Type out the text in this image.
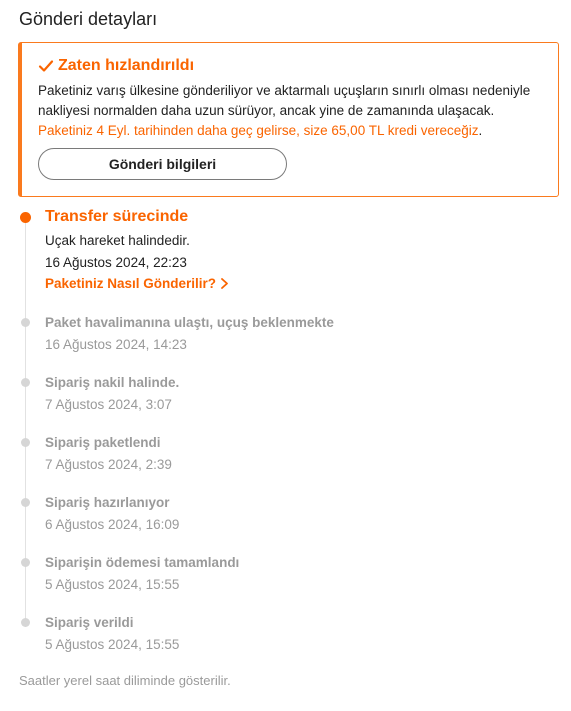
Gönderi detayları
Zaten hızlandırıldı
Paketiniz varış ülkesine gönderiliyor ve aktarmalı uçuşların sınırlı olması nedeniyle nakliyesi normalden daha uzun sürüyor, ancak yine de zamanında ulaşacak.
Paketiniz 4 Eyl. tarihinden daha geç gelirse, size 65,00 TL kredi vereceğiz.
Gönderi bilgileri
Transfer sürecinde
Uçak hareket halindedir.
16 Ağustos 2024, 22:23
Paketiniz Nasıl Gönderilir?
Paket havalimanına ulaştı, uçuş beklenmekte
16 Ağustos 2024, 14:23
Sipariş nakil halinde.
7 Ağustos 2024, 3:07
Sipariş paketlendi
7 Ağustos 2024, 2:39
Sipariş hazırlanıyor
6 Ağustos 2024, 16:09
Siparişin ödemesi tamamlandı
5 Ağustos 2024, 15:55
Sipariş verildi
5 Ağustos 2024, 15:55
Saatler yerel saat diliminde gösterilir.
